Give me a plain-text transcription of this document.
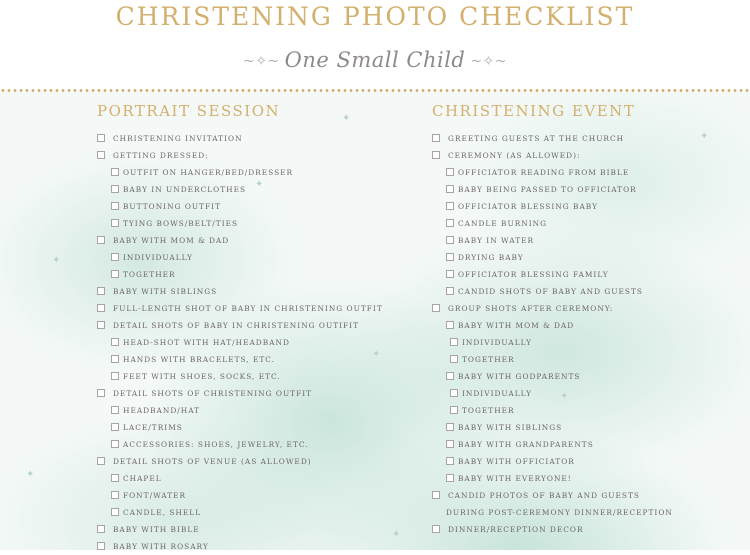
✦
✦
✦
✦
✦
✦
✦
✦
CHRISTENING PHOTO CHECKLIST
~✧~ One Small Child ~✧~
PORTRAIT SESSION
CHRISTENING INVITATION
GETTING DRESSED:
OUTFIT ON HANGER/BED/DRESSER
BABY IN UNDERCLOTHES
BUTTONING OUTFIT
TYING BOWS/BELT/TIES
BABY WITH MOM & DAD
INDIVIDUALLY
TOGETHER
BABY WITH SIBLINGS
FULL-LENGTH SHOT OF BABY IN CHRISTENING OUTFIT
DETAIL SHOTS OF BABY IN CHRISTENING OUTIFIT
HEAD-SHOT WITH HAT/HEADBAND
HANDS WITH BRACELETS, ETC.
FEET WITH SHOES, SOCKS, ETC.
DETAIL SHOTS OF CHRISTENING OUTFIT
HEADBAND/HAT
LACE/TRIMS
ACCESSORIES: SHOES, JEWELRY, ETC.
DETAIL SHOTS OF VENUE (AS ALLOWED)
CHAPEL
FONT/WATER
CANDLE, SHELL
BABY WITH BIBLE
BABY WITH ROSARY
CHRISTENING EVENT
GREETING GUESTS AT THE CHURCH
CEREMONY (AS ALLOWED):
OFFICIATOR READING FROM BIBLE
BABY BEING PASSED TO OFFICIATOR
OFFICIATOR BLESSING BABY
CANDLE BURNING
BABY IN WATER
DRYING BABY
OFFICIATOR BLESSING FAMILY
CANDID SHOTS OF BABY AND GUESTS
GROUP SHOTS AFTER CEREMONY:
BABY WITH MOM & DAD
INDIVIDUALLY
TOGETHER
BABY WITH GODPARENTS
INDIVIDUALLY
TOGETHER
BABY WITH SIBLINGS
BABY WITH GRANDPARENTS
BABY WITH OFFICIATOR
BABY WITH EVERYONE!
CANDID PHOTOS OF BABY AND GUESTS
DURING POST-CEREMONY DINNER/RECEPTION
DINNER/RECEPTION DECOR
